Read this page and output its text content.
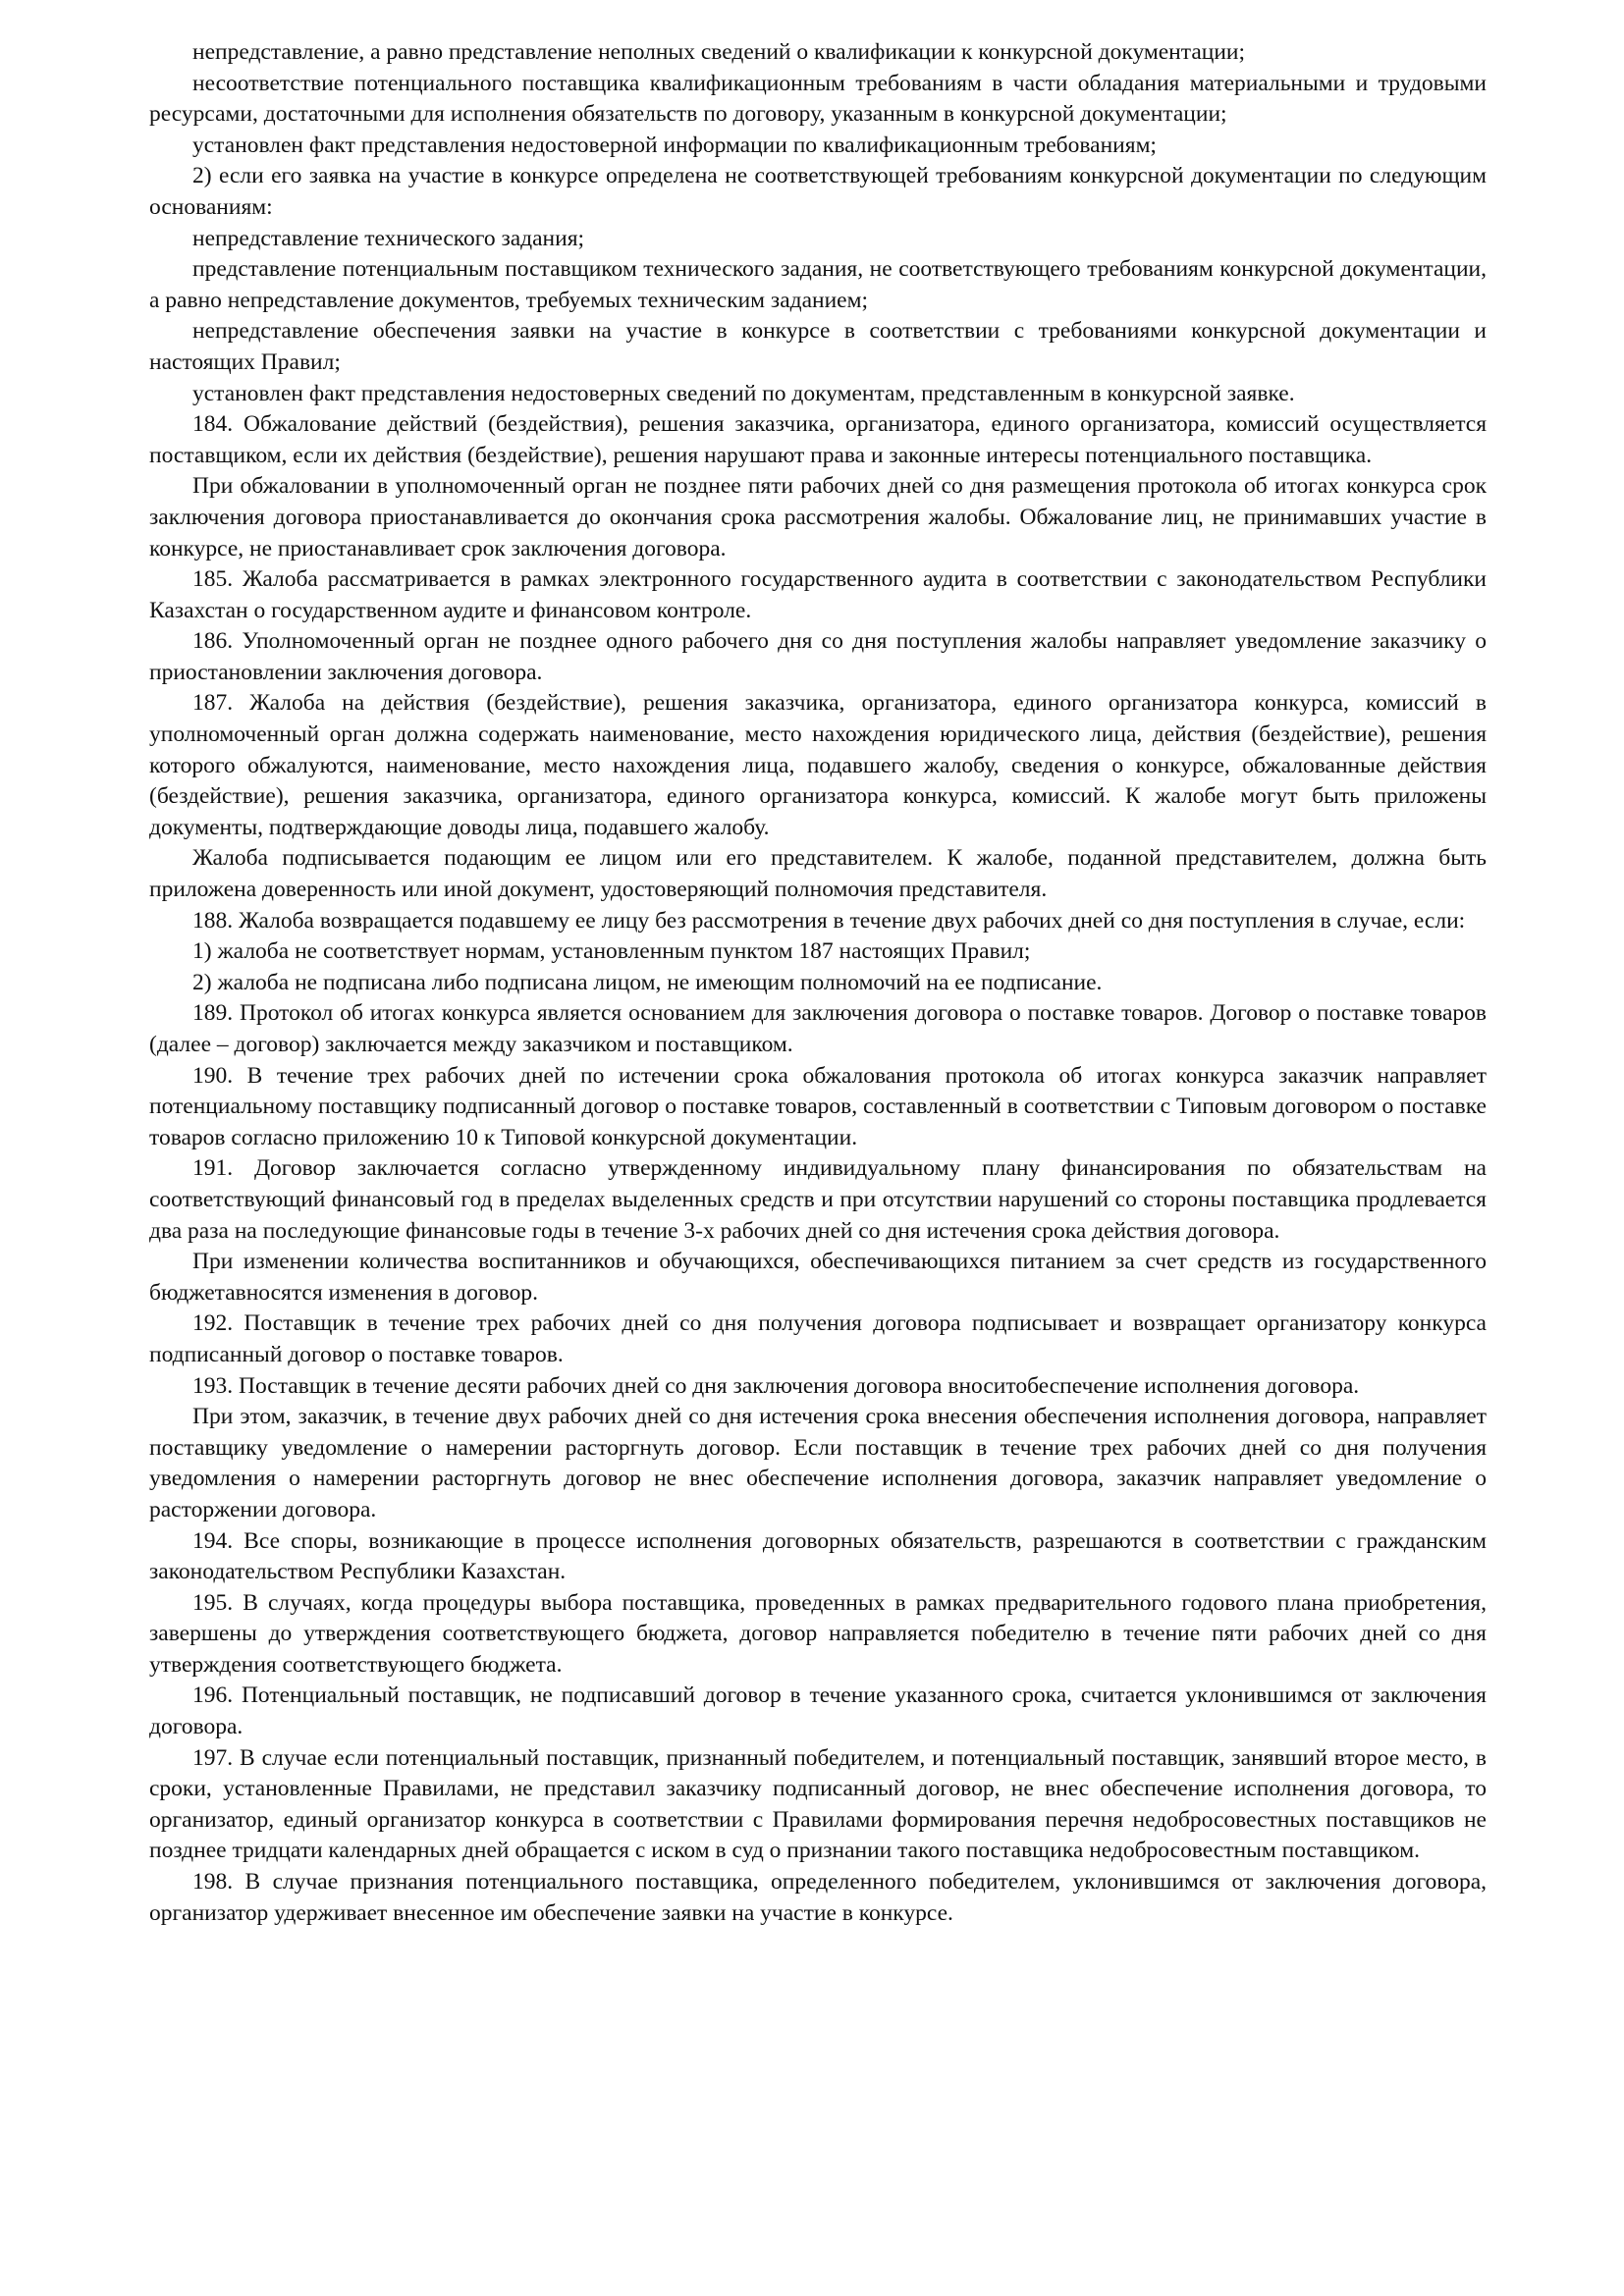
непредставление, а равно представление неполных сведений о квалификации к конкурсной документации;

несоответствие потенциального поставщика квалификационным требованиям в части обладания материальными и трудовыми ресурсами, достаточными для исполнения обязательств по договору, указанным в конкурсной документации;

установлен факт представления недостоверной информации по квалификационным требованиям;

2) если его заявка на участие в конкурсе определена не соответствующей требованиям конкурсной документации по следующим основаниям:

непредставление технического задания;

представление потенциальным поставщиком технического задания, не соответствующего требованиям конкурсной документации, а равно непредставление документов, требуемых техническим заданием;

непредставление обеспечения заявки на участие в конкурсе в соответствии с требованиями конкурсной документации и настоящих Правил;

установлен факт представления недостоверных сведений по документам, представленным в конкурсной заявке.

184. Обжалование действий (бездействия), решения заказчика, организатора, единого организатора, комиссий осуществляется поставщиком, если их действия (бездействие), решения нарушают права и законные интересы потенциального поставщика.

При обжаловании в уполномоченный орган не позднее пяти рабочих дней со дня размещения протокола об итогах конкурса срок заключения договора приостанавливается до окончания срока рассмотрения жалобы. Обжалование лиц, не принимавших участие в конкурсе, не приостанавливает срок заключения договора.

185. Жалоба рассматривается в рамках электронного государственного аудита в соответствии с законодательством Республики Казахстан о государственном аудите и финансовом контроле.

186. Уполномоченный орган не позднее одного рабочего дня со дня поступления жалобы направляет уведомление заказчику о приостановлении заключения договора.

187. Жалоба на действия (бездействие), решения заказчика, организатора, единого организатора конкурса, комиссий в уполномоченный орган должна содержать наименование, место нахождения юридического лица, действия (бездействие), решения которого обжалуются, наименование, место нахождения лица, подавшего жалобу, сведения о конкурсе, обжалованные действия (бездействие), решения заказчика, организатора, единого организатора конкурса, комиссий. К жалобе могут быть приложены документы, подтверждающие доводы лица, подавшего жалобу.

Жалоба подписывается подающим ее лицом или его представителем. К жалобе, поданной представителем, должна быть приложена доверенность или иной документ, удостоверяющий полномочия представителя.

188. Жалоба возвращается подавшему ее лицу без рассмотрения в течение двух рабочих дней со дня поступления в случае, если:

1) жалоба не соответствует нормам, установленным пунктом 187 настоящих Правил;

2) жалоба не подписана либо подписана лицом, не имеющим полномочий на ее подписание.

189. Протокол об итогах конкурса является основанием для заключения договора о поставке товаров. Договор о поставке товаров (далее – договор) заключается между заказчиком и поставщиком.

190. В течение трех рабочих дней по истечении срока обжалования протокола об итогах конкурса заказчик направляет потенциальному поставщику подписанный договор о поставке товаров, составленный в соответствии с Типовым договором о поставке товаров согласно приложению 10 к Типовой конкурсной документации.

191. Договор заключается согласно утвержденному индивидуальному плану финансирования по обязательствам на соответствующий финансовый год в пределах выделенных средств и при отсутствии нарушений со стороны поставщика продлевается два раза на последующие финансовые годы в течение 3-х рабочих дней со дня истечения срока действия договора.

При изменении количества воспитанников и обучающихся, обеспечивающихся питанием за счет средств из государственного бюджетавносятся изменения в договор.

192. Поставщик в течение трех рабочих дней со дня получения договора подписывает и возвращает организатору конкурса подписанный договор о поставке товаров.

193. Поставщик в течение десяти рабочих дней со дня заключения договора вноситобеспечение исполнения договора.

При этом, заказчик, в течение двух рабочих дней со дня истечения срока внесения обеспечения исполнения договора, направляет поставщику уведомление о намерении расторгнуть договор. Если поставщик в течение трех рабочих дней со дня получения уведомления о намерении расторгнуть договор не внес обеспечение исполнения договора, заказчик направляет уведомление о расторжении договора.

194. Все споры, возникающие в процессе исполнения договорных обязательств, разрешаются в соответствии с гражданским законодательством Республики Казахстан.

195. В случаях, когда процедуры выбора поставщика, проведенных в рамках предварительного годового плана приобретения, завершены до утверждения соответствующего бюджета, договор направляется победителю в течение пяти рабочих дней со дня утверждения соответствующего бюджета.

196. Потенциальный поставщик, не подписавший договор в течение указанного срока, считается уклонившимся от заключения договора.

197. В случае если потенциальный поставщик, признанный победителем, и потенциальный поставщик, занявший второе место, в сроки, установленные Правилами, не представил заказчику подписанный договор, не внес обеспечение исполнения договора, то организатор, единый организатор конкурса в соответствии с Правилами формирования перечня недобросовестных поставщиков не позднее тридцати календарных дней обращается с иском в суд о признании такого поставщика недобросовестным поставщиком.

198. В случае признания потенциального поставщика, определенного победителем, уклонившимся от заключения договора, организатор удерживает внесенное им обеспечение заявки на участие в конкурсе.
